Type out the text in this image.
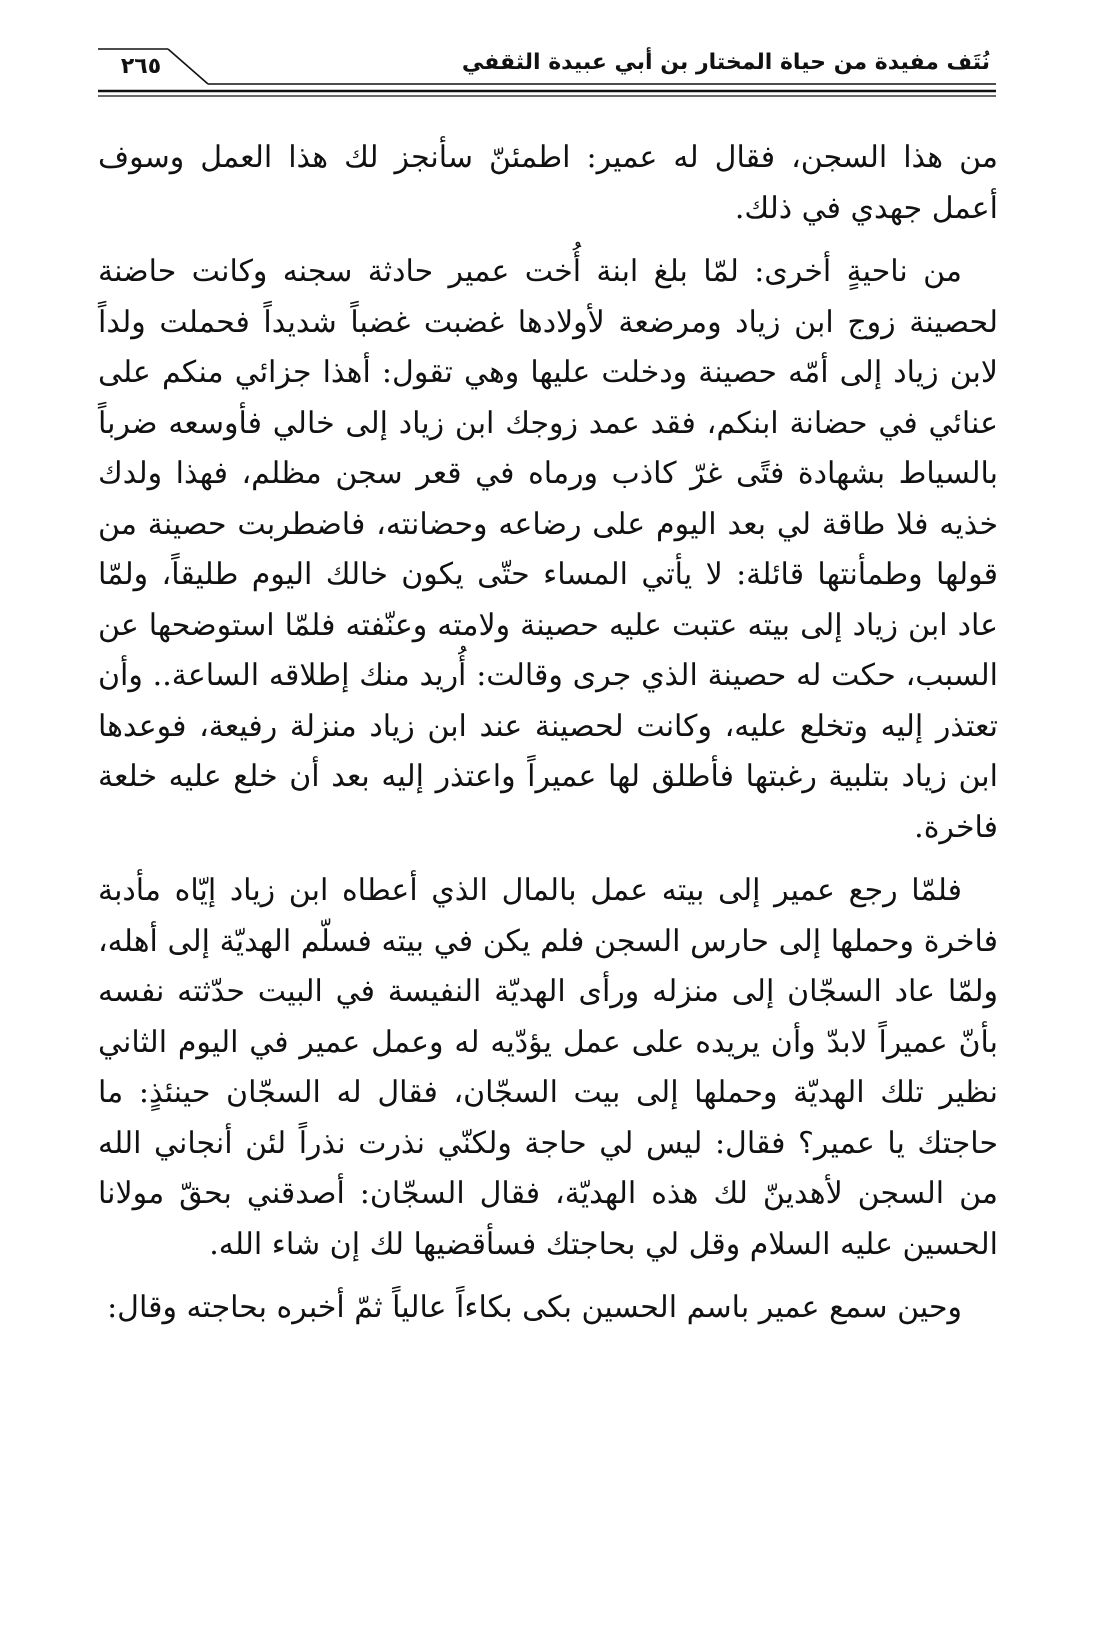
٢٦٥	نُتَف مفيدة من حياة المختار بن أبي عبيدة الثقفي

من هذا السجن، فقال له عمير: اطمئنّ سأنجز لك هذا العمل وسوف أعمل جهدي في ذلك.

من ناحيةٍ أخرى: لمّا بلغ ابنة أُخت عمير حادثة سجنه وكانت حاضنة لحصينة زوج ابن زياد ومرضعة لأولادها غضبت غضباً شديداً فحملت ولداً لابن زياد إلى أمّه حصينة ودخلت عليها وهي تقول: أهذا جزائي منكم على عنائي في حضانة ابنكم، فقد عمد زوجك ابن زياد إلى خالي فأوسعه ضرباً بالسياط بشهادة فتًى غرّ كاذب ورماه في قعر سجن مظلم، فهذا ولدك خذيه فلا طاقة لي بعد اليوم على رضاعه وحضانته، فاضطربت حصينة من قولها وطمأنتها قائلة: لا يأتي المساء حتّى يكون خالك اليوم طليقاً، ولمّا عاد ابن زياد إلى بيته عتبت عليه حصينة ولامته وعنّفته فلمّا استوضحها عن السبب، حكت له حصينة الذي جرى وقالت: أُريد منك إطلاقه الساعة.. وأن تعتذر إليه وتخلع عليه، وكانت لحصينة عند ابن زياد منزلة رفيعة، فوعدها ابن زياد بتلبية رغبتها فأطلق لها عميراً واعتذر إليه بعد أن خلع عليه خلعة فاخرة.

فلمّا رجع عمير إلى بيته عمل بالمال الذي أعطاه ابن زياد إيّاه مأدبة فاخرة وحملها إلى حارس السجن فلم يكن في بيته فسلّم الهديّة إلى أهله، ولمّا عاد السجّان إلى منزله ورأى الهديّة النفيسة في البيت حدّثته نفسه بأنّ عميراً لابدّ وأن يريده على عمل يؤدّيه له وعمل عمير في اليوم الثاني نظير تلك الهديّة وحملها إلى بيت السجّان، فقال له السجّان حينئذٍ: ما حاجتك يا عمير؟ فقال: ليس لي حاجة ولكنّي نذرت نذراً لئن أنجاني الله من السجن لأهدينّ لك هذه الهديّة، فقال السجّان: أصدقني بحقّ مولانا الحسين عليه السلام وقل لي بحاجتك فسأقضيها لك إن شاء الله.

وحين سمع عمير باسم الحسين بكى بكاءاً عالياً ثمّ أخبره بحاجته وقال:
